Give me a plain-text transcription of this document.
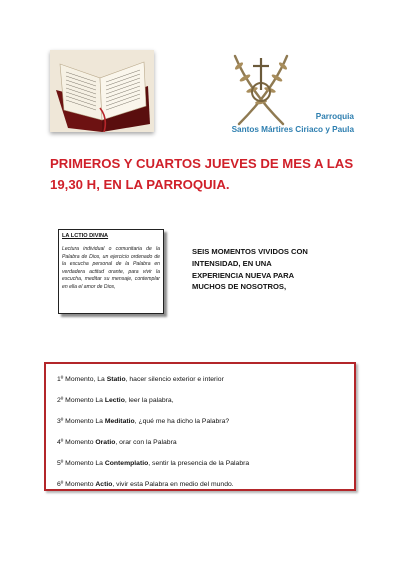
Parroquia
Santos Mártires Ciriaco y Paula
PRIMEROS Y CUARTOS JUEVES DE MES A LAS 19,30 H, EN LA PARROQUIA.
LA LCTIO DIVINA
Lectura individual o comunitaria de la Palabra de Dios, un ejercicio ordenado de la escucha personal de la Palabra en verdadera actitud orante, para vivir la escucha, meditar su mensaje, contemplar en ella el amor de Dios,
SEIS MOMENTOS VIVIDOS CON
INTENSIDAD, EN UNA
EXPERIENCIA NUEVA PARA
MUCHOS DE NOSOTROS,
1º Momento, La Statio, hacer silencio exterior e interior
2º Momento La Lectio, leer la palabra,
3º Momento La Meditatio, ¿qué me ha dicho la Palabra?
4º Momento Oratio, orar con la Palabra
5º Momento La Contemplatio, sentir la presencia de la Palabra
6º Momento Actio, vivir esta Palabra en medio del mundo.
